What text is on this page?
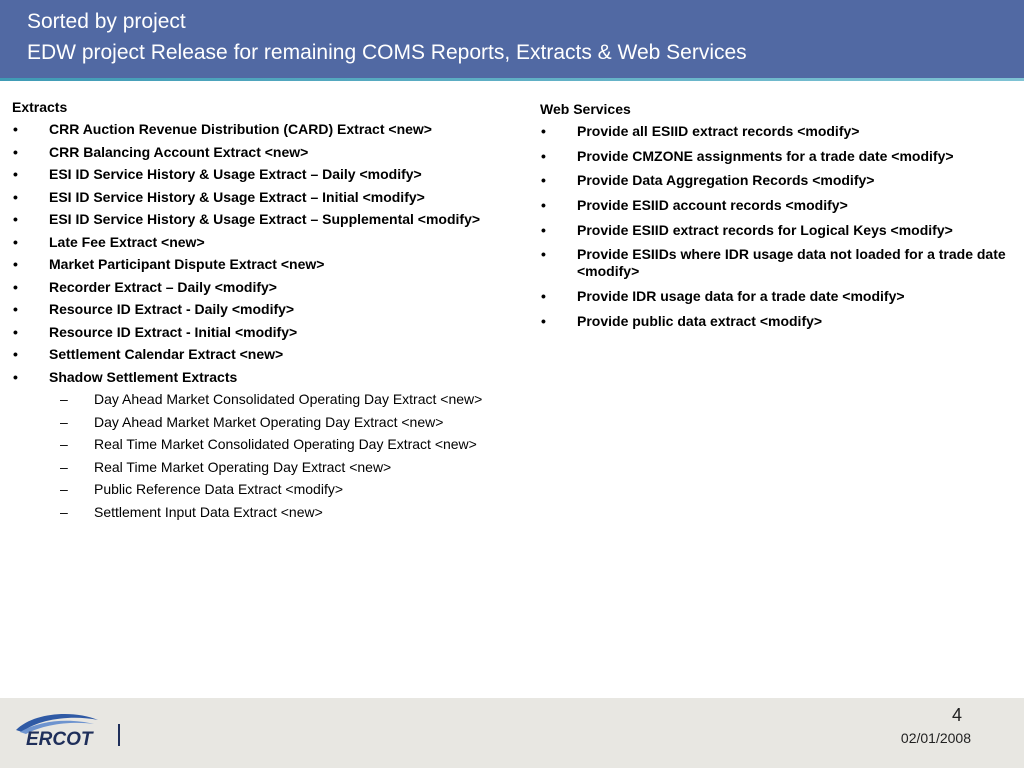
Sorted by project
EDW project Release for remaining COMS Reports, Extracts & Web Services
Extracts
• CRR Auction Revenue Distribution (CARD) Extract <new>
• CRR Balancing Account Extract <new>
• ESI ID Service History & Usage Extract – Daily <modify>
• ESI ID Service History & Usage Extract – Initial <modify>
• ESI ID Service History & Usage Extract – Supplemental <modify>
• Late Fee Extract <new>
• Market Participant Dispute Extract <new>
• Recorder Extract – Daily <modify>
• Resource ID Extract - Daily <modify>
• Resource ID Extract - Initial <modify>
• Settlement Calendar Extract <new>
• Shadow Settlement Extracts
– Day Ahead Market Consolidated Operating Day Extract <new>
– Day Ahead Market Market Operating Day Extract <new>
– Real Time Market Consolidated Operating Day Extract <new>
– Real Time Market Operating Day Extract <new>
– Public Reference Data Extract <modify>
– Settlement Input Data Extract <new>
Web Services
• Provide all ESIID extract records <modify>
• Provide CMZONE assignments for a trade date <modify>
• Provide Data Aggregation Records <modify>
• Provide ESIID account records <modify>
• Provide ESIID extract records for Logical Keys <modify>
• Provide ESIIDs where IDR usage data not loaded for a trade date <modify>
• Provide IDR usage data for a trade date <modify>
• Provide public data extract <modify>
ERCOT
4
02/01/2008
